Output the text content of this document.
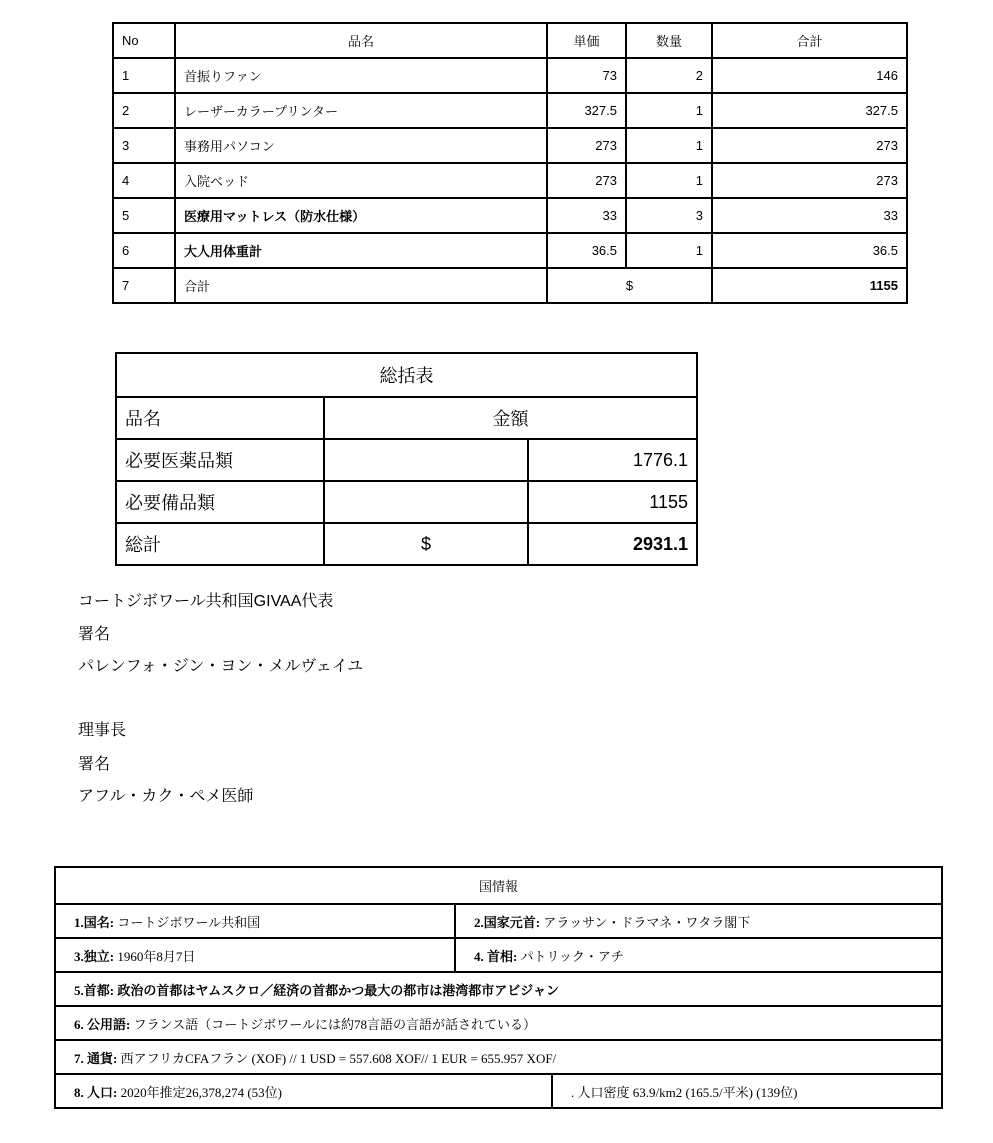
No	品名	単価	数量	合計
1	首振りファン	73	2	146
2	レーザーカラープリンター	327.5	1	327.5
3	事務用パソコン	273	1	273
4	入院ベッド	273	1	273
5	医療用マットレス（防水仕様）	33	3	33
6	大人用体重計	36.5	1	36.5
7	合計	$		1155
総括表		
品名	金額	
必要医薬品類		1776.1
必要備品類		1155
総計	$	2931.1
コートジボワール共和国GIVAA代表
署名
パレンフォ・ジン・ヨン・メルヴェイユ
理事長
署名
アフル・カク・ペメ医師
国情報		
1.国名: コートジボワール共和国	2.国家元首: アラッサン・ドラマネ・ワタラ閣下	
3.独立: 1960年8月7日	4. 首相: パトリック・アチ	
5.首都: 政治の首都はヤムスクロ／経済の首都かつ最大の都市は港湾都市アビジャン		
6. 公用語: フランス語（コートジボワールには約78言語の言語が話されている）		
7. 通貨: 西アフリカCFAフラン (XOF) // 1 USD = 557.608 XOF// 1 EUR = 655.957 XOF/		
8. 人口: 2020年推定26,378,274 (53位)		. 人口密度 63.9/km2 (165.5/平米) (139位)
